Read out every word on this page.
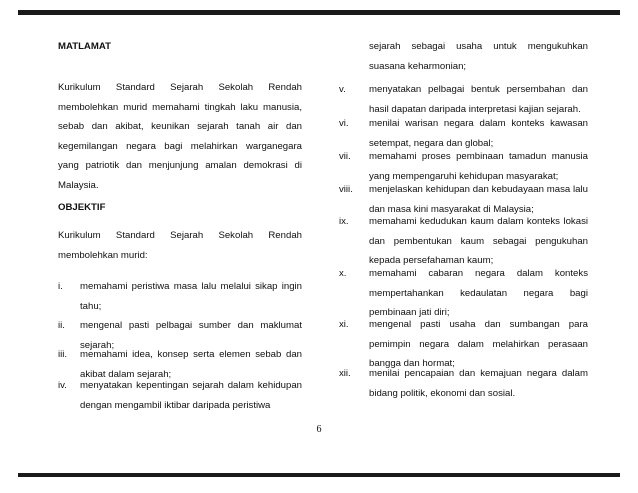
MATLAMAT
Kurikulum Standard Sejarah Sekolah Rendah membolehkan murid memahami tingkah laku manusia, sebab dan akibat, keunikan sejarah tanah air dan kegemilangan negara bagi melahirkan warganegara yang patriotik dan menjunjung amalan demokrasi di Malaysia.
OBJEKTIF
Kurikulum Standard Sejarah Sekolah Rendah membolehkan murid:
i.	memahami peristiwa masa lalu melalui sikap ingin tahu;
ii.	mengenal pasti pelbagai sumber dan maklumat sejarah;
iii.	memahami idea, konsep serta elemen sebab dan akibat dalam sejarah;
iv.	menyatakan kepentingan sejarah dalam kehidupan dengan mengambil iktibar daripada peristiwa
sejarah sebagai usaha untuk mengukuhkan suasana keharmonian;
v.	menyatakan pelbagai bentuk persembahan dan hasil dapatan daripada interpretasi kajian sejarah.
vi.	menilai warisan negara dalam konteks kawasan setempat, negara dan global;
vii.	memahami proses pembinaan tamadun manusia yang mempengaruhi kehidupan masyarakat;
viii.	menjelaskan kehidupan dan kebudayaan masa lalu dan masa kini masyarakat di Malaysia;
ix.	memahami kedudukan kaum dalam konteks lokasi dan pembentukan kaum sebagai pengukuhan kepada persefahaman kaum;
x.	memahami cabaran negara dalam konteks mempertahankan kedaulatan negara bagi pembinaan jati diri;
xi.	mengenal pasti usaha dan sumbangan para pemimpin negara dalam melahirkan perasaan bangga dan hormat;
xii.	menilai pencapaian dan kemajuan negara dalam bidang politik, ekonomi dan sosial.
6
